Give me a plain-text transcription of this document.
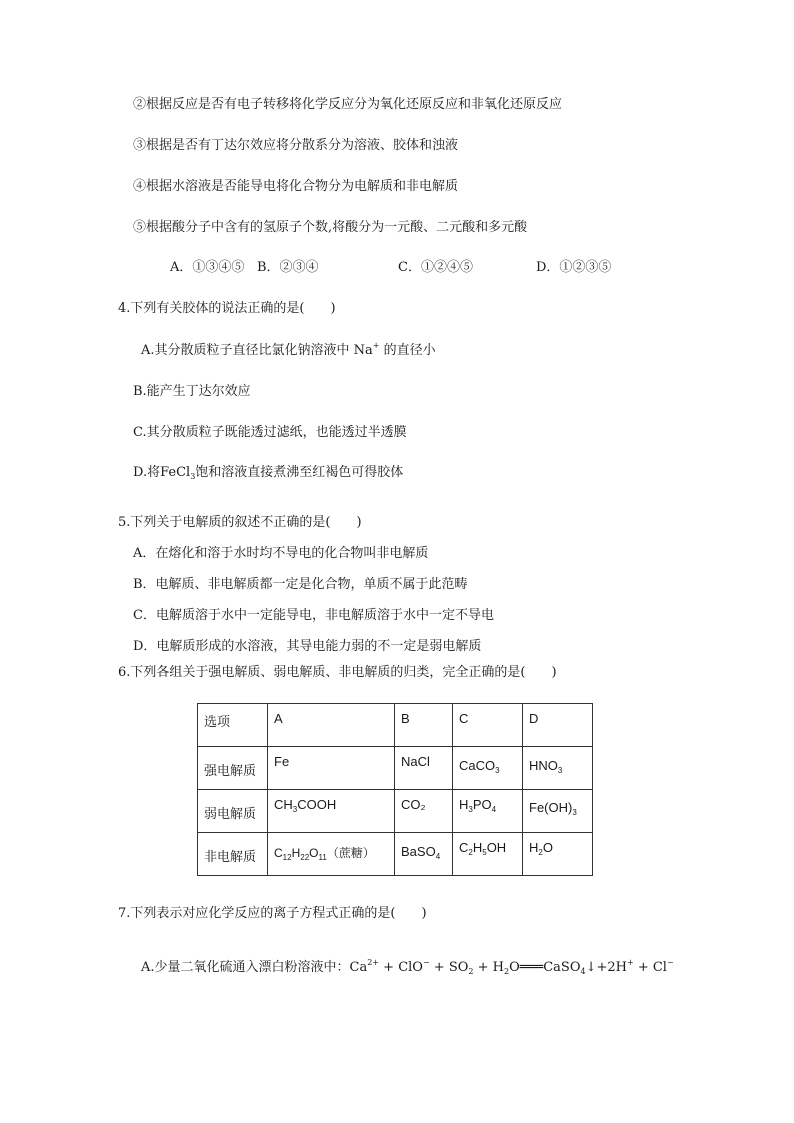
②根据反应是否有电子转移将化学反应分为氧化还原反应和非氧化还原反应
③根据是否有丁达尔效应将分散系分为溶液、胶体和浊液
④根据水溶液是否能导电将化合物分为电解质和非电解质
⑤根据酸分子中含有的氢原子个数,将酸分为一元酸、二元酸和多元酸
A．①③④⑤ B．②③④	C．①②④⑤	D．①②③⑤
4.下列有关胶体的说法正确的是(　　)
A.其分散质粒子直径比氯化钠溶液中 Na+ 的直径小
B.能产生丁达尔效应
C.其分散质粒子既能透过滤纸，也能透过半透膜
D.将FeCl$_3$饱和溶液直接煮沸至红褐色可得胶体
5.下列关于电解质的叙述不正确的是(　　)
A．在熔化和溶于水时均不导电的化合物叫非电解质
B．电解质、非电解质都一定是化合物，单质不属于此范畴
C．电解质溶于水中一定能导电，非电解质溶于水中一定不导电
D．电解质形成的水溶液，其导电能力弱的不一定是弱电解质
6.下列各组关于强电解质、弱电解质、非电解质的归类，完全正确的是(　　)
选项	A	B	C	D
强电解质	Fe	NaCl	CaCO$_3$	$HNO_3$
弱电解质	$CH_3COOH$	CO₂	$H_3PO_4$	$Fe(OH)_3$
非电解质	$C_{12}H_{22}O_{11}$（蔗糖）	BaSO$_4$	$C_2H_5OH$	$H_2O$
7.下列表示对应化学反应的离子方程式正确的是(　　)
A.少量二氧化硫通入漂白粉溶液中：$Ca^{2+} + ClO^- + SO_2$ + $H_2O═══CaSO_4↓+2H^+ + Cl^-$
